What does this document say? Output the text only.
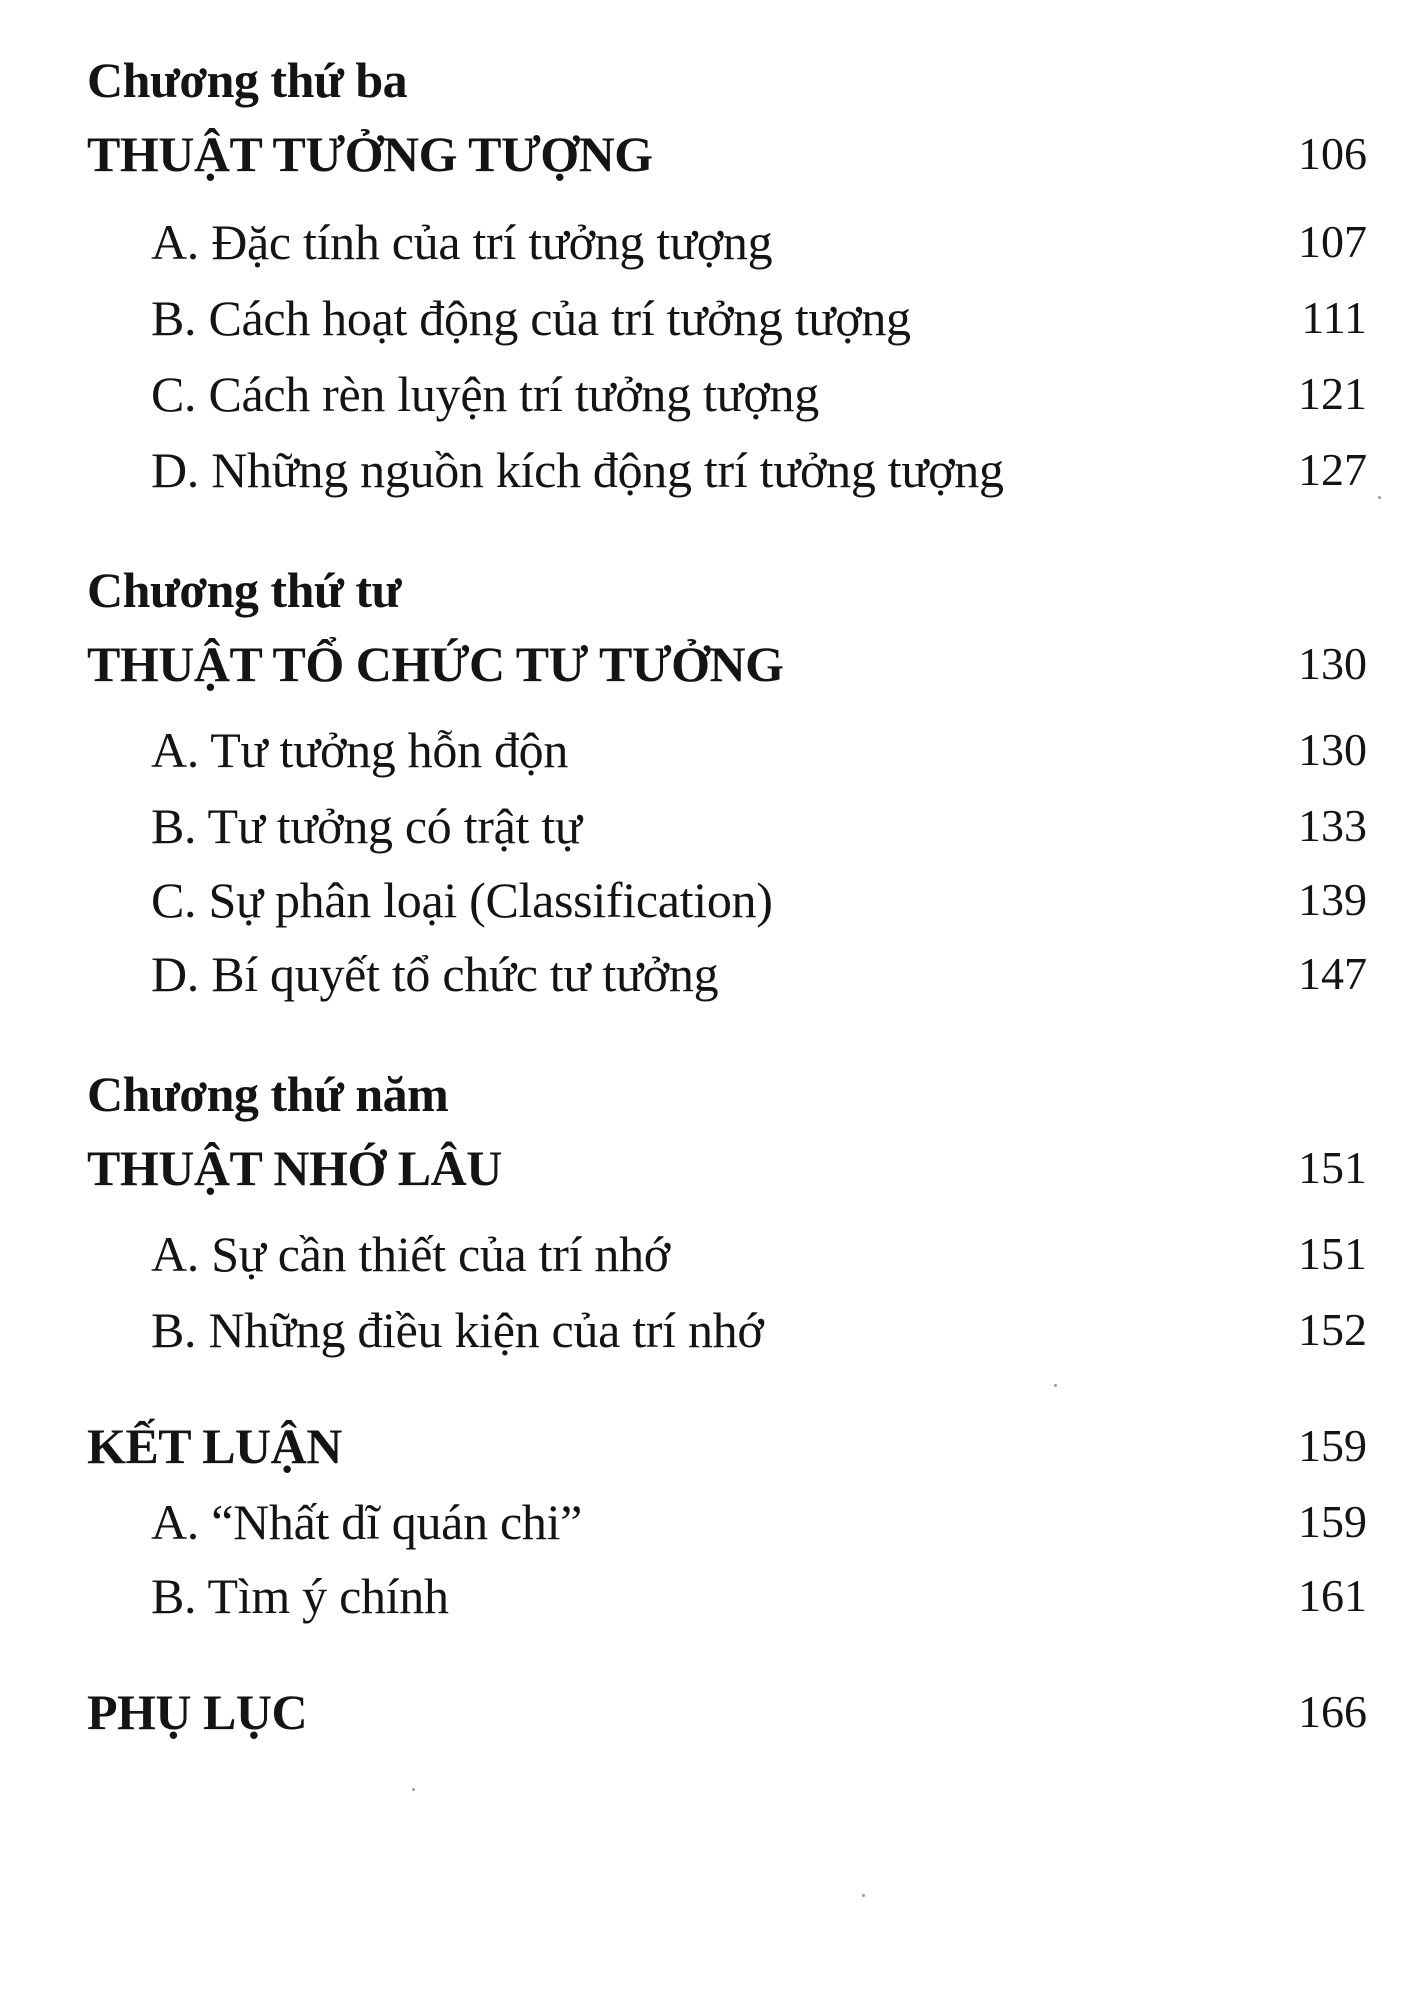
Chương thứ ba
THUẬT TƯỞNG TƯỢNG	106
A. Đặc tính của trí tưởng tượng	107
B. Cách hoạt động của trí tưởng tượng	111
C. Cách rèn luyện trí tưởng tượng	121
D. Những nguồn kích động trí tưởng tượng	127
Chương thứ tư
THUẬT TỔ CHỨC TƯ TƯỞNG	130
A. Tư tưởng hỗn độn	130
B. Tư tưởng có trật tự	133
C. Sự phân loại (Classification)	139
D. Bí quyết tổ chức tư tưởng	147
Chương thứ năm
THUẬT NHỚ LÂU	151
A. Sự cần thiết của trí nhớ	151
B. Những điều kiện của trí nhớ	152
KẾT LUẬN	159
A. “Nhất dĩ quán chi”	159
B. Tìm ý chính	161
PHỤ LỤC	166
